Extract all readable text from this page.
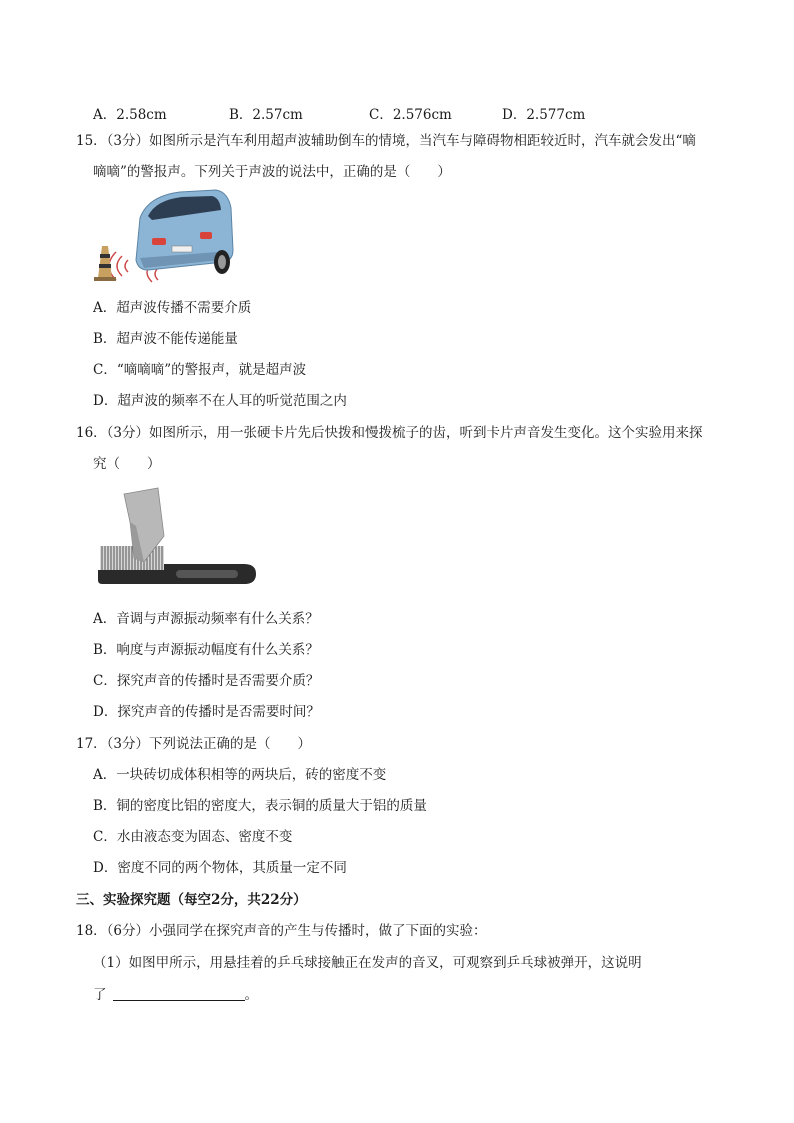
A．2.58cm	B．2.57cm	C．2.576cm	D．2.577cm
15．（3分）如图所示是汽车利用超声波辅助倒车的情境，当汽车与障碍物相距较近时，汽车就会发出“嘀
嘀嘀”的警报声。下列关于声波的说法中，正确的是（　　）
A．超声波传播不需要介质
B．超声波不能传递能量
C．“嘀嘀嘀”的警报声，就是超声波
D．超声波的频率不在人耳的听觉范围之内
16．（3分）如图所示，用一张硬卡片先后快拨和慢拨梳子的齿，听到卡片声音发生变化。这个实验用来探
究（　　）
A．音调与声源振动频率有什么关系？
B．响度与声源振动幅度有什么关系？
C．探究声音的传播时是否需要介质？
D．探究声音的传播时是否需要时间？
17．（3分）下列说法正确的是（　　）
A．一块砖切成体积相等的两块后，砖的密度不变
B．铜的密度比铝的密度大，表示铜的质量大于铝的质量
C．水由液态变为固态、密度不变
D．密度不同的两个物体，其质量一定不同
三、实验探究题（每空2分，共22分）
18．（6分）小强同学在探究声音的产生与传播时，做了下面的实验：
（1）如图甲所示，用悬挂着的乒乓球接触正在发声的音叉，可观察到乒乓球被弹开，这说明
了	。
